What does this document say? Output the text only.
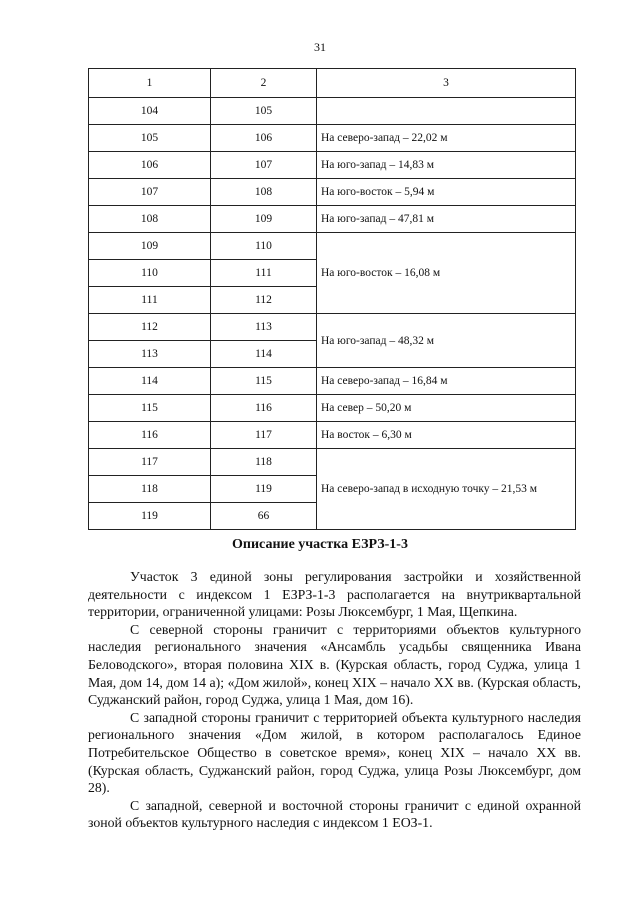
31
1	2	3
104	105	
105	106	На северо-запад – 22,02 м
106	107	На юго-запад – 14,83 м
107	108	На юго-восток – 5,94 м
108	109	На юго-запад – 47,81 м
109	110	На юго-восток – 16,08 м
110	111	
111	112	
112	113	На юго-запад – 48,32 м
113	114	
114	115	На северо-запад – 16,84 м
115	116	На север – 50,20 м
116	117	На восток – 6,30 м
117	118	На северо-запад в исходную точку – 21,53 м
118	119	
119	66	
Описание участка ЕЗРЗ-1-3

Участок 3 единой зоны регулирования застройки и хозяйственной деятельности с индексом 1 ЕЗРЗ-1-3 располагается на внутриквартальной территории, ограниченной улицами: Розы Люксембург, 1 Мая, Щепкина.

С северной стороны граничит с территориями объектов культурного наследия регионального значения «Ансамбль усадьбы священника Ивана Беловодского», вторая половина XIX в. (Курская область, город Суджа, улица 1 Мая, дом 14, дом 14 а); «Дом жилой», конец XIX – начало XX вв. (Курская область, Суджанский район, город Суджа, улица 1 Мая, дом 16).

С западной стороны граничит с территорией объекта культурного наследия регионального значения «Дом жилой, в котором располагалось Единое Потребительское Общество в советское время», конец XIX – начало XX вв. (Курская область, Суджанский район, город Суджа, улица Розы Люксембург, дом 28).

С западной, северной и восточной стороны граничит с единой охранной зоной объектов культурного наследия с индексом 1 ЕОЗ-1.
